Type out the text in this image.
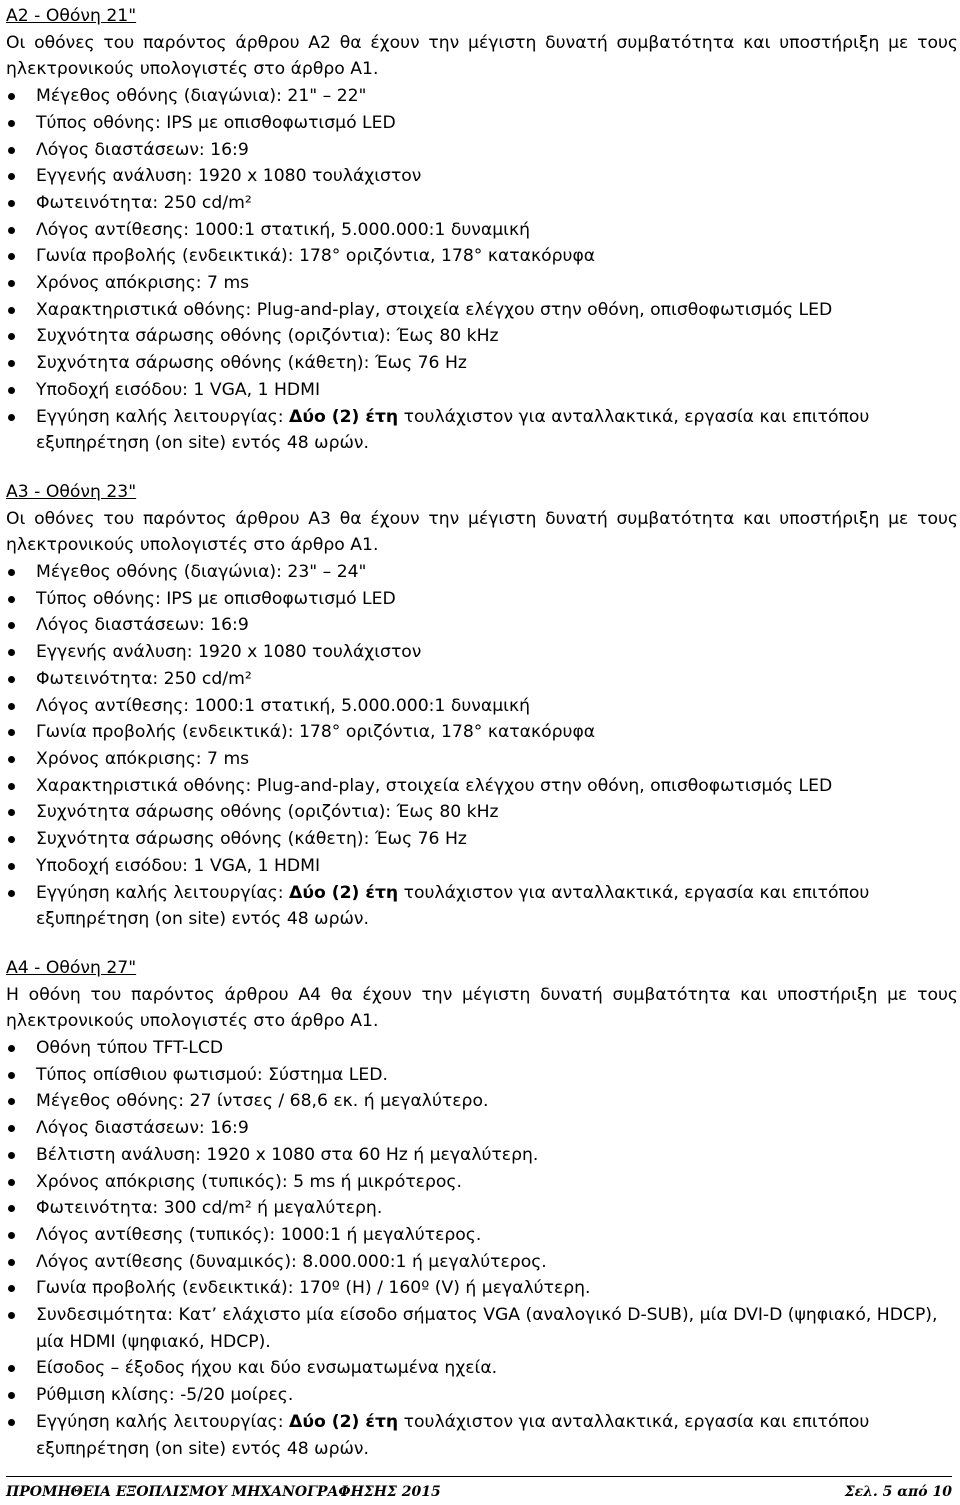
Α2 - Οθόνη 21"
Οι οθόνες του παρόντος άρθρου Α2 θα έχουν την μέγιστη δυνατή συμβατότητα και υποστήριξη με τους ηλεκτρονικούς υπολογιστές στο άρθρο Α1.
Μέγεθος οθόνης (διαγώνια): 21" – 22"
Τύπος οθόνης: IPS με οπισθοφωτισμό LED
Λόγος διαστάσεων: 16:9
Εγγενής ανάλυση: 1920 x 1080 τουλάχιστον
Φωτεινότητα: 250 cd/m²
Λόγος αντίθεσης: 1000:1 στατική, 5.000.000:1 δυναμική
Γωνία προβολής (ενδεικτικά): 178° οριζόντια, 178° κατακόρυφα
Χρόνος απόκρισης: 7 ms
Χαρακτηριστικά οθόνης: Plug-and-play, στοιχεία ελέγχου στην οθόνη, οπισθοφωτισμός LED
Συχνότητα σάρωσης οθόνης (οριζόντια): Έως 80 kHz
Συχνότητα σάρωσης οθόνης (κάθετη): Έως 76 Hz
Υποδοχή εισόδου: 1 VGA, 1 HDMI
Εγγύηση καλής λειτουργίας: Δύο (2) έτη τουλάχιστον για ανταλλακτικά, εργασία και επιτόπου εξυπηρέτηση (on site) εντός 48 ωρών.
Α3 - Οθόνη 23"
Οι οθόνες του παρόντος άρθρου Α3 θα έχουν την μέγιστη δυνατή συμβατότητα και υποστήριξη με τους ηλεκτρονικούς υπολογιστές στο άρθρο Α1.
Μέγεθος οθόνης (διαγώνια): 23" – 24"
Τύπος οθόνης: IPS με οπισθοφωτισμό LED
Λόγος διαστάσεων: 16:9
Εγγενής ανάλυση: 1920 x 1080 τουλάχιστον
Φωτεινότητα: 250 cd/m²
Λόγος αντίθεσης: 1000:1 στατική, 5.000.000:1 δυναμική
Γωνία προβολής (ενδεικτικά): 178° οριζόντια, 178° κατακόρυφα
Χρόνος απόκρισης: 7 ms
Χαρακτηριστικά οθόνης: Plug-and-play, στοιχεία ελέγχου στην οθόνη, οπισθοφωτισμός LED
Συχνότητα σάρωσης οθόνης (οριζόντια): Έως 80 kHz
Συχνότητα σάρωσης οθόνης (κάθετη): Έως 76 Hz
Υποδοχή εισόδου: 1 VGA, 1 HDMI
Εγγύηση καλής λειτουργίας: Δύο (2) έτη τουλάχιστον για ανταλλακτικά, εργασία και επιτόπου εξυπηρέτηση (on site) εντός 48 ωρών.
Α4 - Οθόνη 27"
Η οθόνη του παρόντος άρθρου Α4 θα έχουν την μέγιστη δυνατή συμβατότητα και υποστήριξη με τους ηλεκτρονικούς υπολογιστές στο άρθρο Α1.
Οθόνη τύπου TFT-LCD
Τύπος οπίσθιου φωτισμού: Σύστημα LED.
Μέγεθος οθόνης: 27 ίντσες / 68,6 εκ. ή μεγαλύτερο.
Λόγος διαστάσεων: 16:9
Βέλτιστη ανάλυση: 1920 x 1080 στα 60 Hz ή μεγαλύτερη.
Χρόνος απόκρισης (τυπικός): 5 ms ή μικρότερος.
Φωτεινότητα: 300 cd/m² ή μεγαλύτερη.
Λόγος αντίθεσης (τυπικός): 1000:1 ή μεγαλύτερος.
Λόγος αντίθεσης (δυναμικός): 8.000.000:1 ή μεγαλύτερος.
Γωνία προβολής (ενδεικτικά): 170º (H) / 160º (V) ή μεγαλύτερη.
Συνδεσιμότητα: Κατ’ ελάχιστο μία είσοδο σήματος VGA (αναλογικό D-SUB), μία DVI-D (ψηφιακό, HDCP), μία HDMI (ψηφιακό, HDCP).
Είσοδος – έξοδος ήχου και δύο ενσωματωμένα ηχεία.
Ρύθμιση κλίσης: -5/20 μοίρες.
Εγγύηση καλής λειτουργίας: Δύο (2) έτη τουλάχιστον για ανταλλακτικά, εργασία και επιτόπου εξυπηρέτηση (on site) εντός 48 ωρών.
ΠΡΟΜΗΘΕΙΑ ΕΞΟΠΛΙΣΜΟΥ ΜΗΧΑΝΟΓΡΑΦΗΣΗΣ 2015	Σελ. 5 από 10
